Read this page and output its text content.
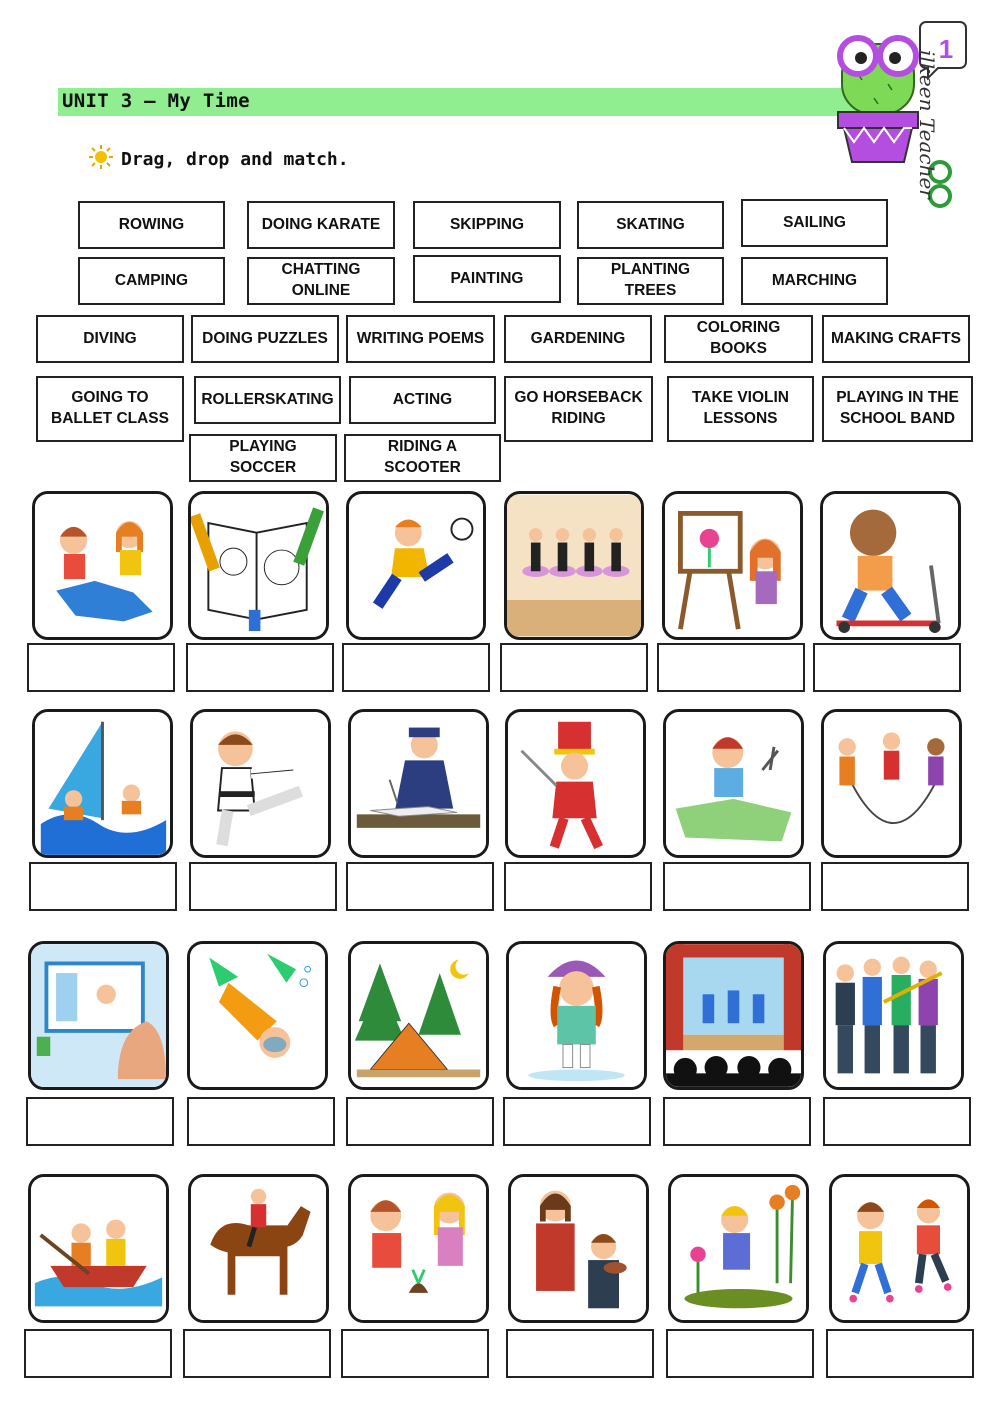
UNIT 3 – My Time
Drag, drop and match.
1
ilkeen Teacher
ROWING	DOING KARATE	SKIPPING	SKATING	SAILING
CAMPING
CHATTING ONLINE
PAINTING	PLANTING TREES
MARCHING
DIVING	DOING PUZZLES	WRITING POEMS	GARDENING
COLORING BOOKS
MAKING CRAFTS
GOING TO BALLET CLASS
ROLLERSKATING	ACTING	GO HORSEBACK RIDING
TAKE VIOLIN LESSONS
PLAYING IN THE SCHOOL BAND
PLAYING SOCCER
RIDING A SCOOTER
